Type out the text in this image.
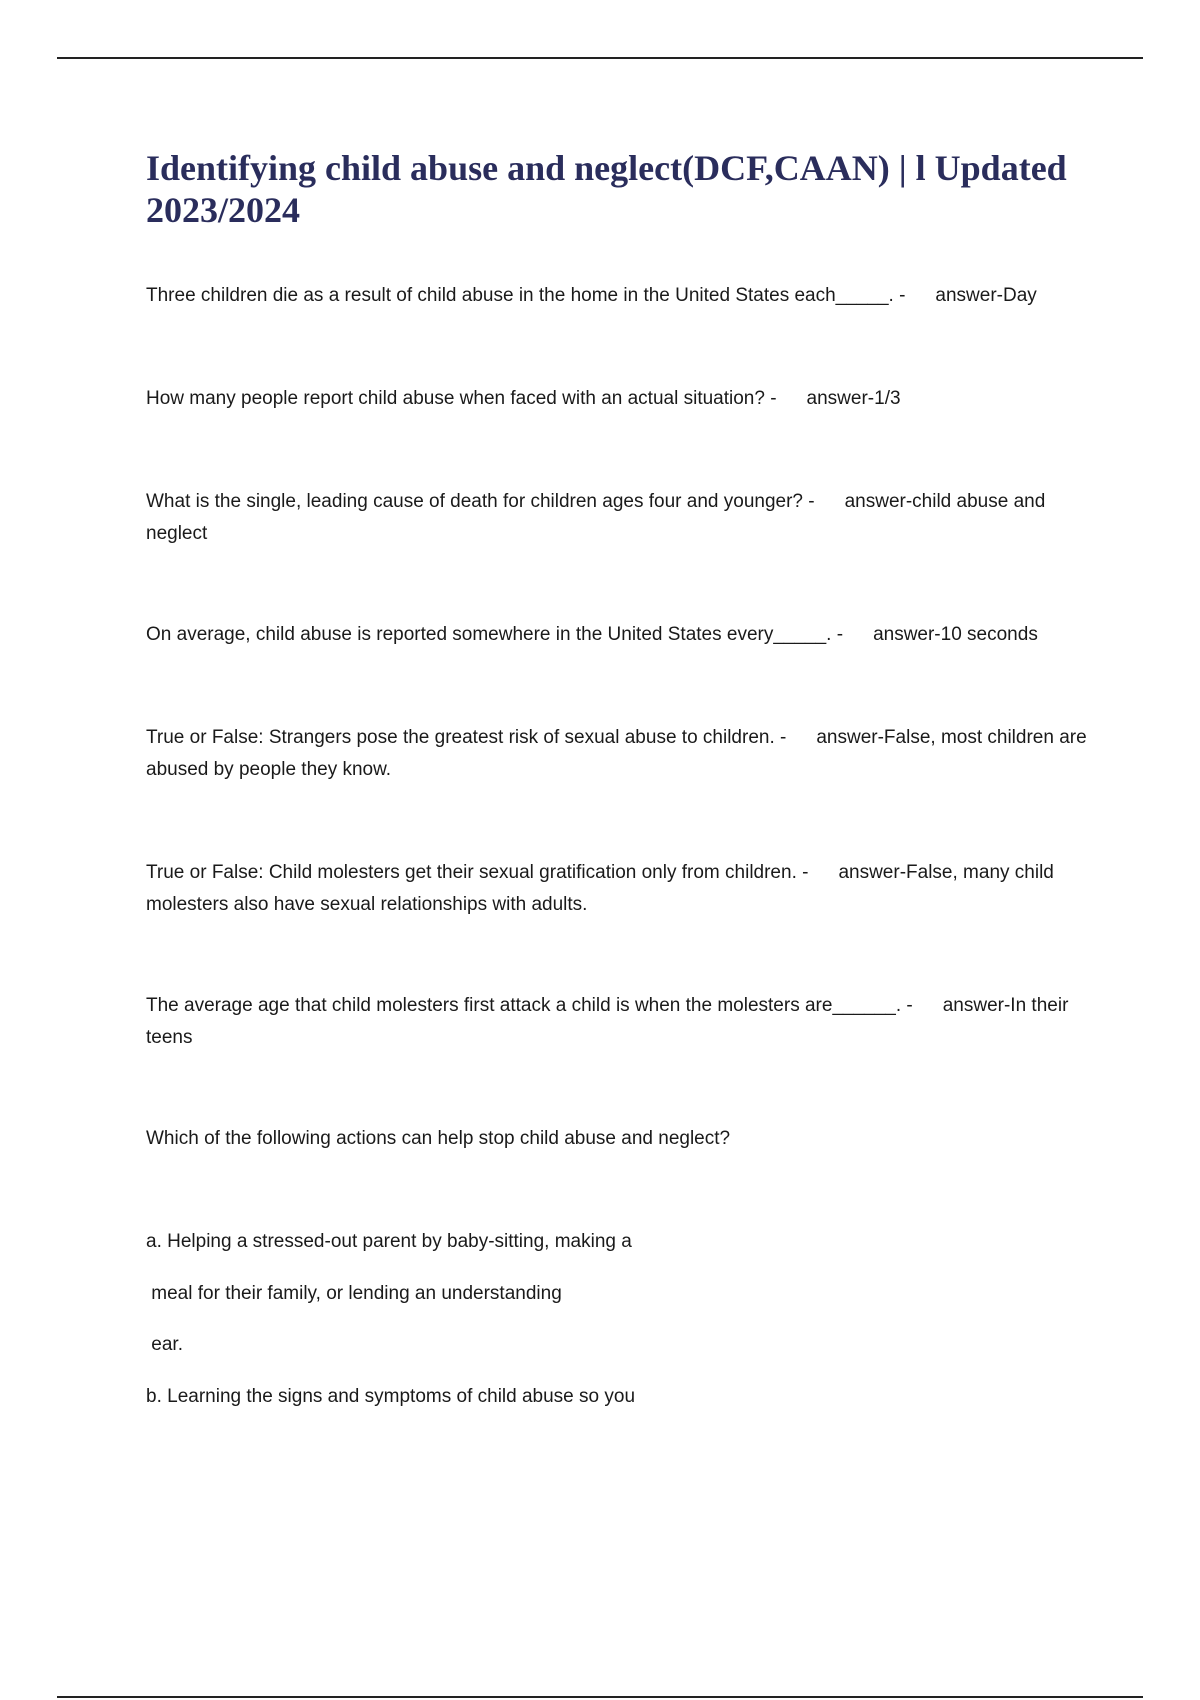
Identifying child abuse and neglect(DCF,CAAN) | l Updated 2023/2024
Three children die as a result of child abuse in the home in the United States each_____. - answer-Day
How many people report child abuse when faced with an actual situation? - answer-1/3
What is the single, leading cause of death for children ages four and younger? - answer-child abuse and neglect
On average, child abuse is reported somewhere in the United States every_____. - answer-10 seconds
True or False: Strangers pose the greatest risk of sexual abuse to children. - answer-False, most children are abused by people they know.
True or False: Child molesters get their sexual gratification only from children. - answer-False, many child molesters also have sexual relationships with adults.
The average age that child molesters first attack a child is when the molesters are______. - answer-In their teens
Which of the following actions can help stop child abuse and neglect?
a. Helping a stressed-out parent by baby-sitting, making a
meal for their family, or lending an understanding
ear.
b. Learning the signs and symptoms of child abuse so you
